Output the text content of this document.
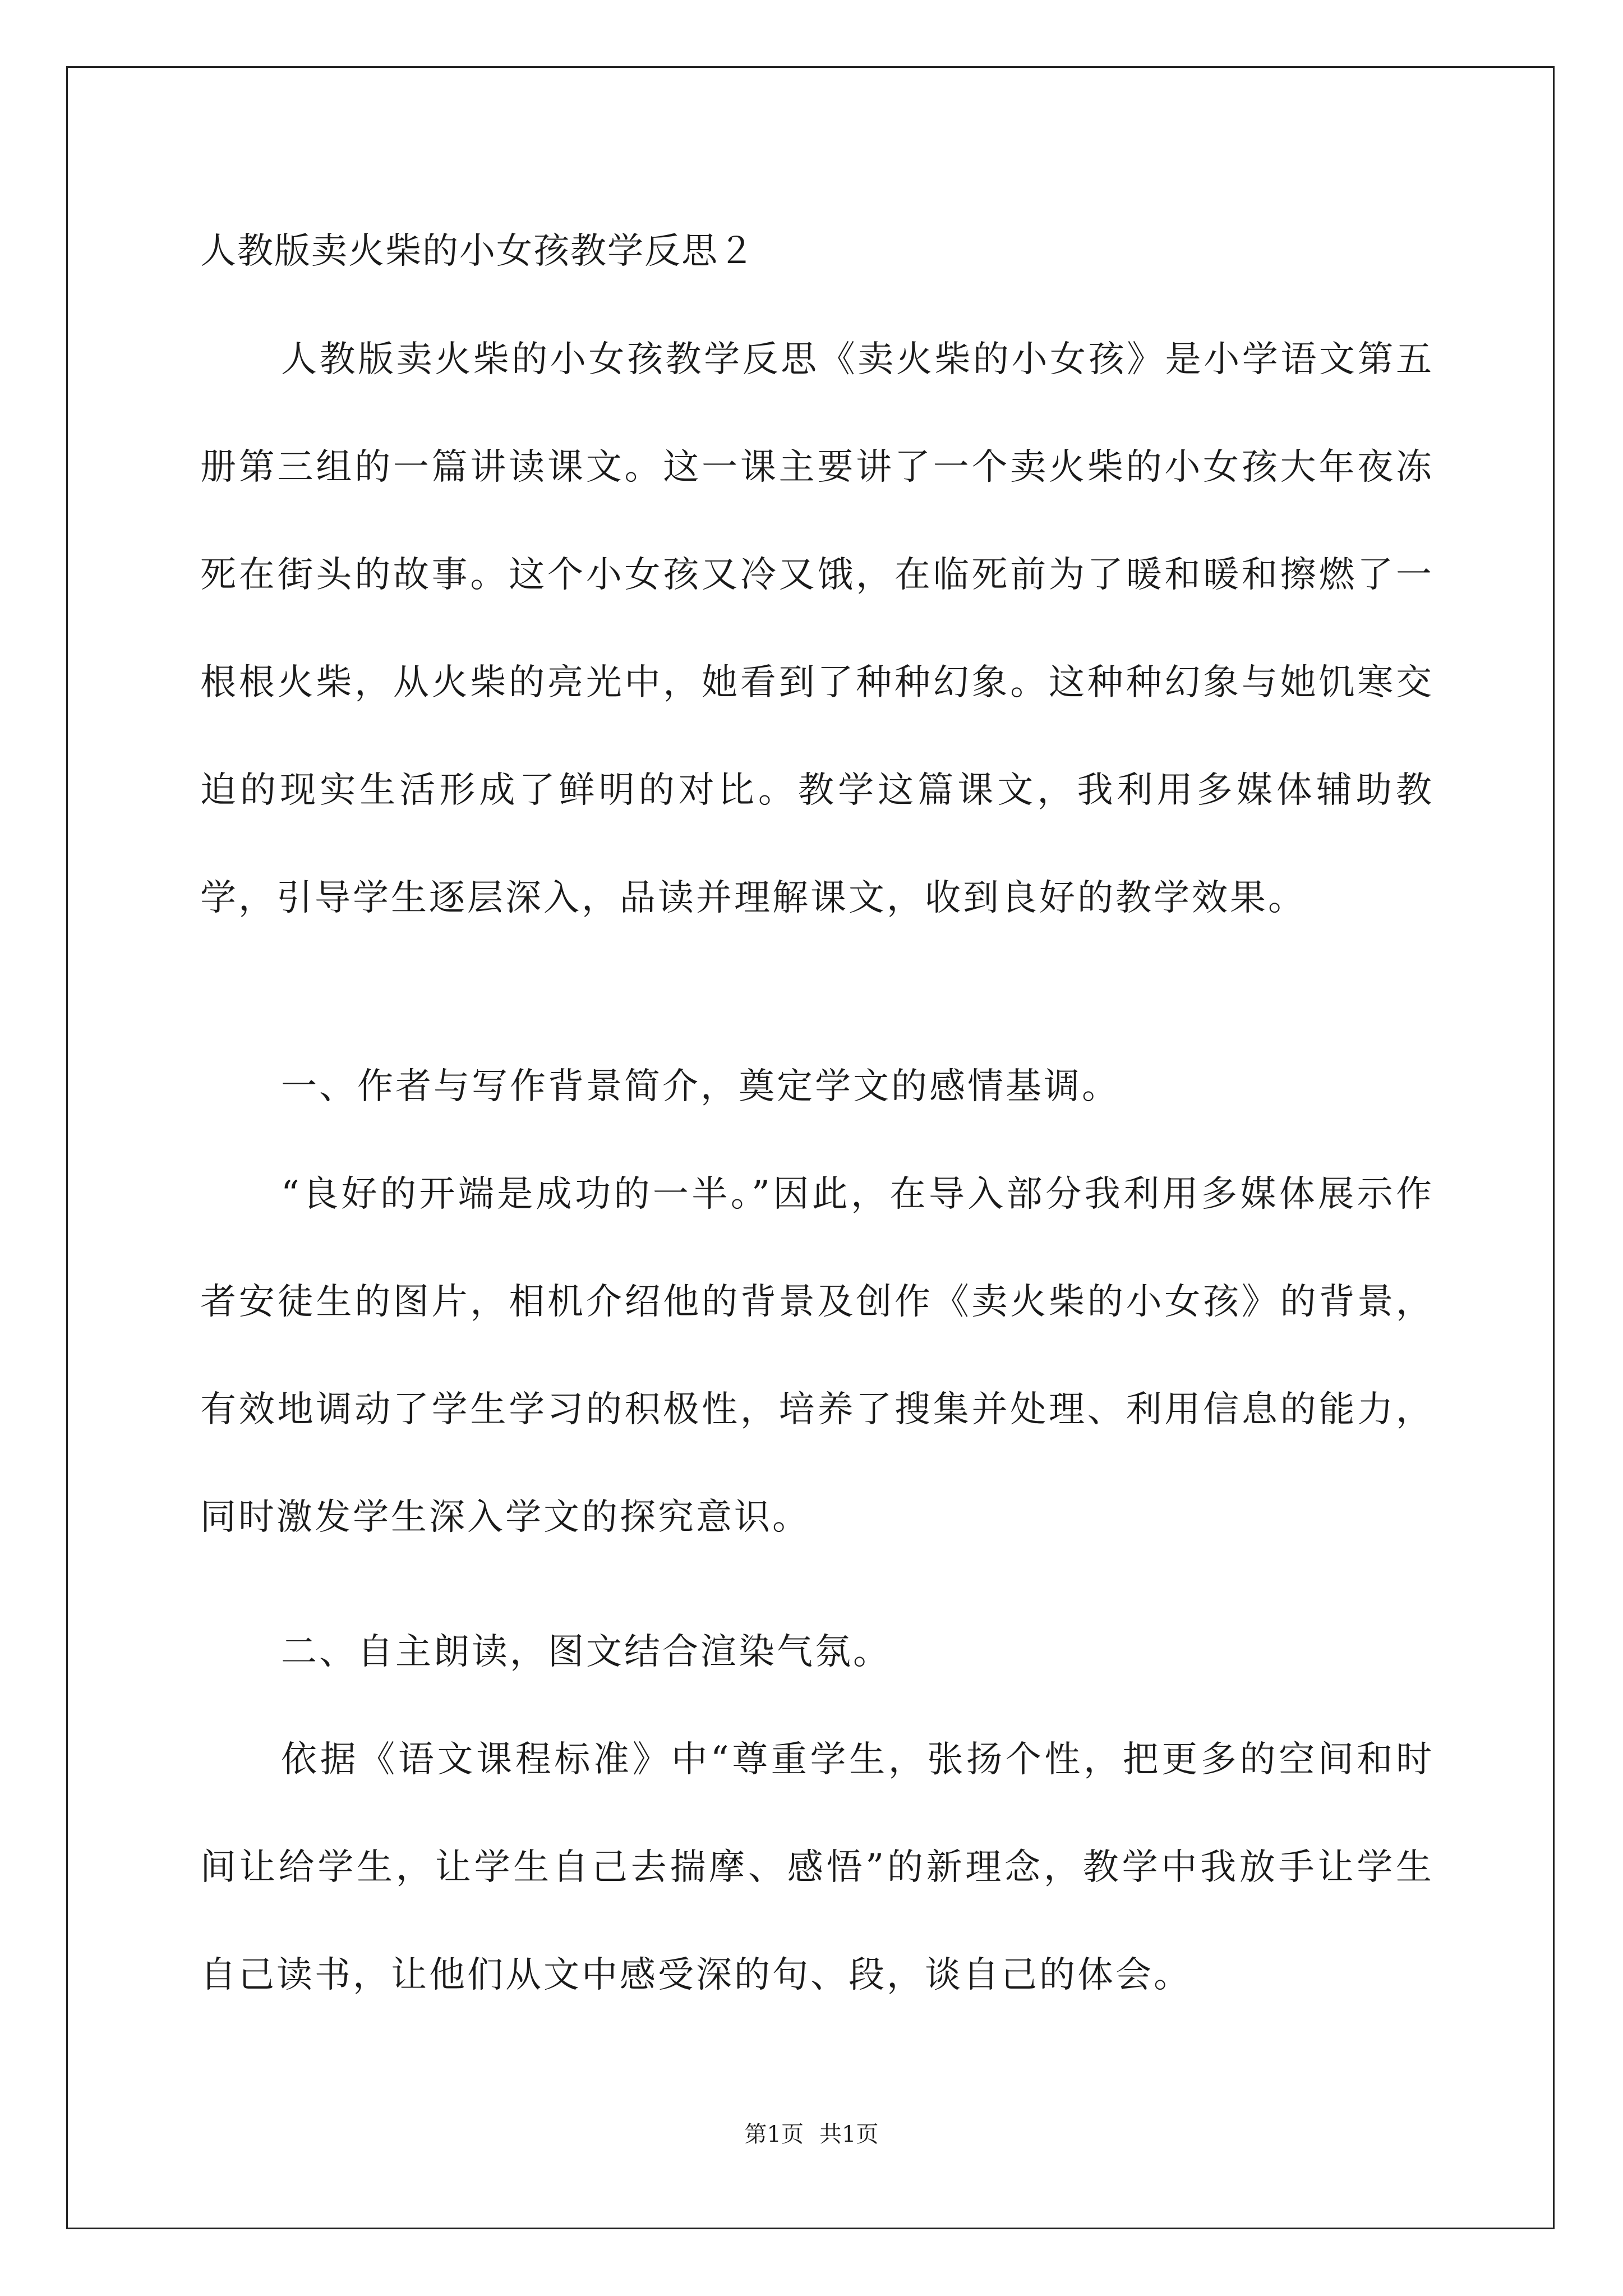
人教版卖火柴的小女孩教学反思２

人教版卖火柴的小女孩教学反思《卖火柴的小女孩》是小学语文第五册第三组的一篇讲读课文。这一课主要讲了一个卖火柴的小女孩大年夜冻死在街头的故事。这个小女孩又冷又饿，在临死前为了暖和暖和擦燃了一根根火柴，从火柴的亮光中，她看到了种种幻象。这种种幻象与她饥寒交迫的现实生活形成了鲜明的对比。教学这篇课文，我利用多媒体辅助教学，引导学生逐层深入，品读并理解课文，收到良好的教学效果。

一、作者与写作背景简介，奠定学文的感情基调。

“良好的开端是成功的一半。”因此，在导入部分我利用多媒体展示作者安徒生的图片，相机介绍他的背景及创作《卖火柴的小女孩》的背景，有效地调动了学生学习的积极性，培养了搜集并处理、利用信息的能力，同时激发学生深入学文的探究意识。

二、自主朗读，图文结合渲染气氛。

依据《语文课程标准》中“尊重学生，张扬个性，把更多的空间和时间让给学生，让学生自己去揣摩、感悟”的新理念，教学中我放手让学生自己读书，让他们从文中感受深的句、段，谈自己的体会。

第1页 共1页
